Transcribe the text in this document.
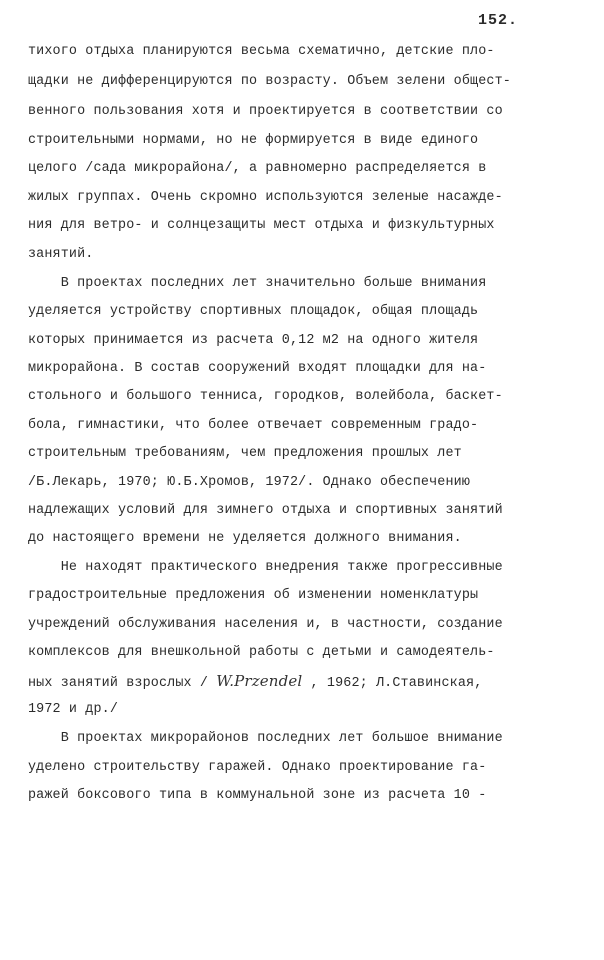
152.
тихого отдыха планируются весьма схематично, детские пло-
щадки не дифференцируются по возрасту. Объем зелени общест-
венного пользования хотя и проектируется в соответствии со
строительными нормами, но не формируется в виде единого
целого /сада микрорайона/, а равномерно распределяется в
жилых группах. Очень скромно используются зеленые насажде-
ния для ветро- и солнцезащиты мест отдыха и физкультурных
занятий.
В проектах последних лет значительно больше внимания
уделяется устройству спортивных площадок, общая площадь
которых принимается из расчета 0,12 м2 на одного жителя
микрорайона. В состав сооружений входят площадки для на-
стольного и большого тенниса, городков, волейбола, баскет-
бола, гимнастики, что более отвечает современным градо-
строительным требованиям, чем предложения прошлых лет
/Б.Лекарь, 1970; Ю.Б.Хромов, 1972/. Однако обеспечению
надлежащих условий для зимнего отдыха и спортивных занятий
до настоящего времени не уделяется должного внимания.
Не находят практического внедрения также прогрессивные
градостроительные предложения об изменении номенклатуры
учреждений обслуживания населения и, в частности, создание
комплексов для внешкольной работы с детьми и самодеятель-
ных занятий взрослых / W.Przendel , 1962; Л.Ставинская,
1972 и др./
В проектах микрорайонов последних лет большое внимание
уделено строительству гаражей. Однако проектирование га-
ражей боксового типа в коммунальной зоне из расчета 10 -
